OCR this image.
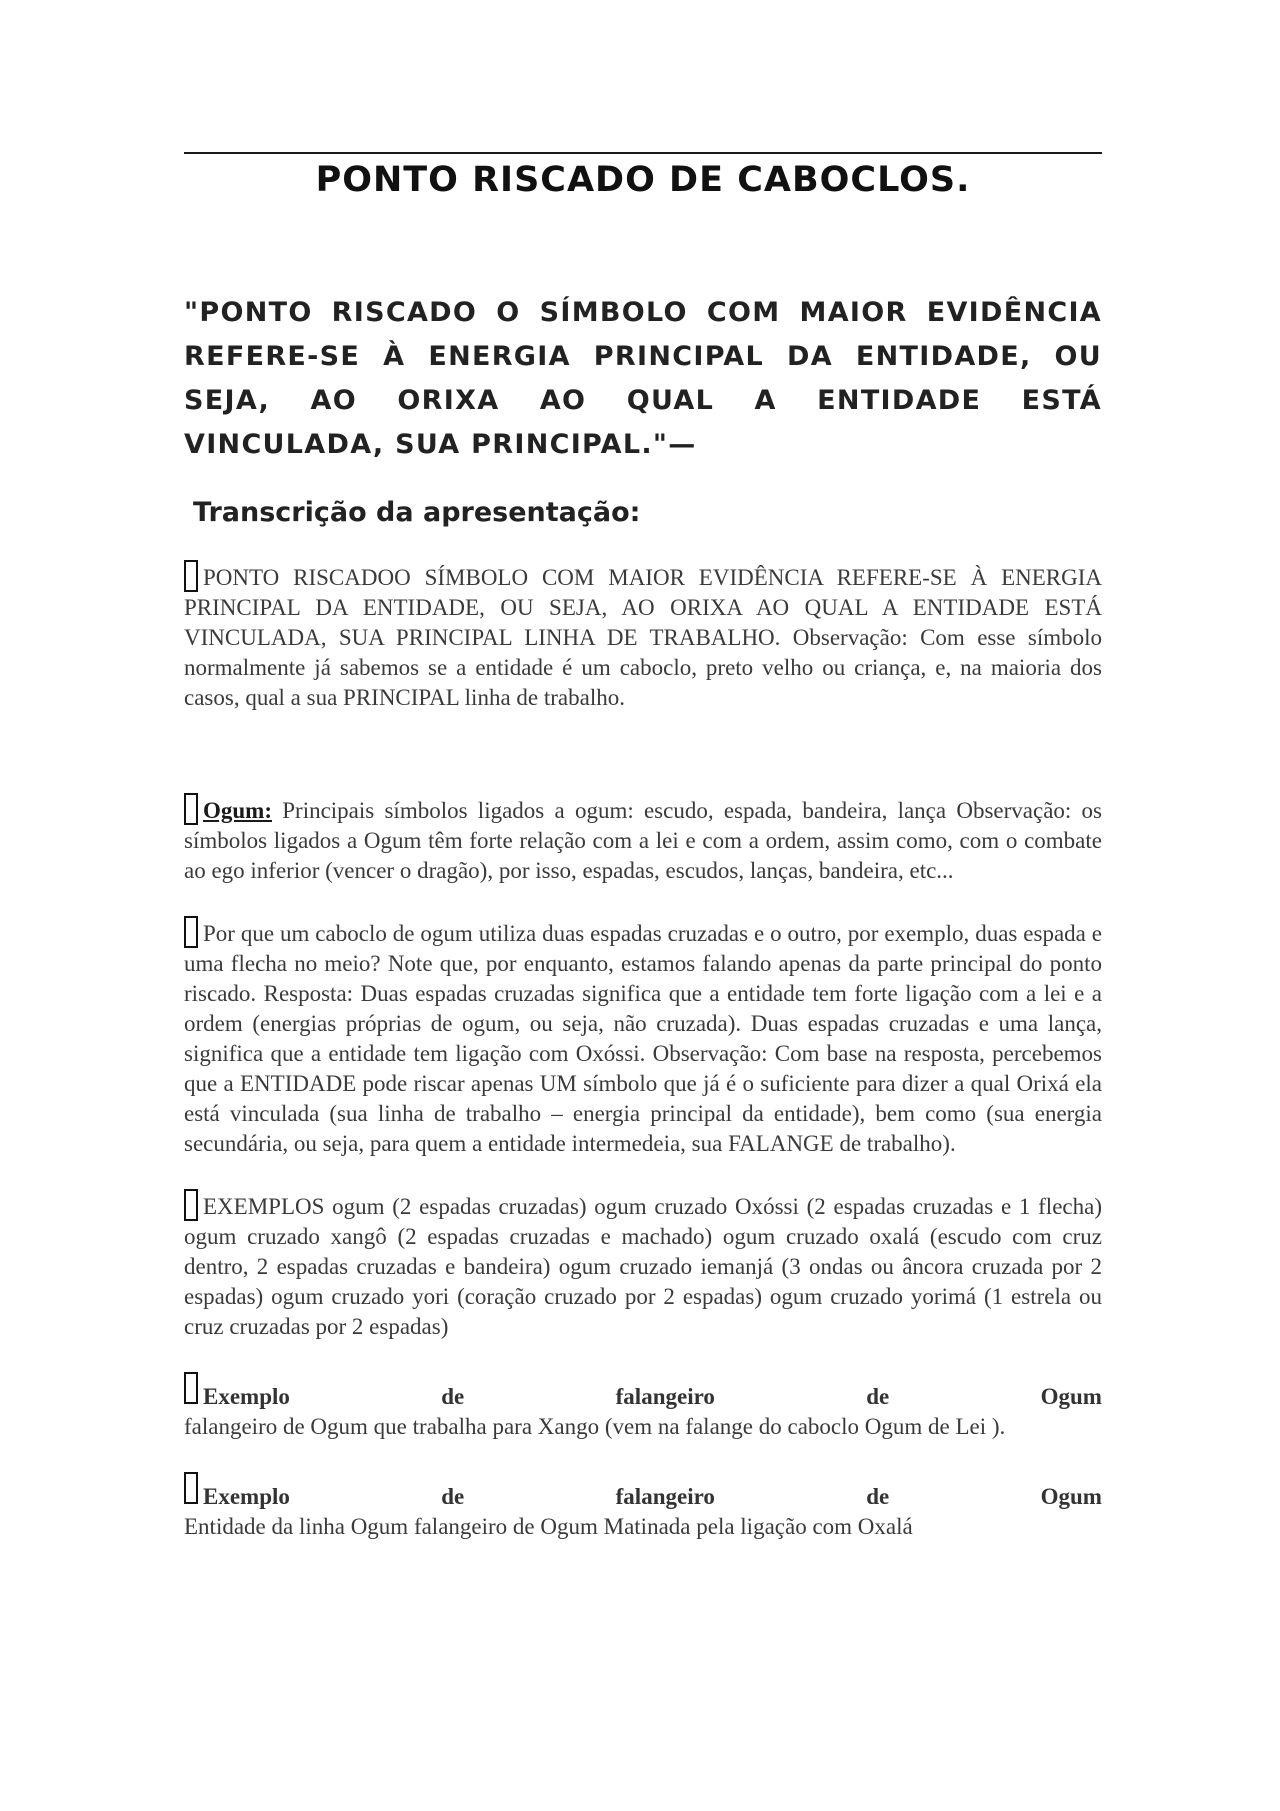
PONTO RISCADO DE CABOCLOS.

"PONTO RISCADO O SÍMBOLO COM MAIOR EVIDÊNCIA REFERE-SE À ENERGIA PRINCIPAL DA ENTIDADE, OU SEJA, AO ORIXA AO QUAL A ENTIDADE ESTÁ VINCULADA, SUA PRINCIPAL."—

Transcrição da apresentação:

PONTO RISCADOO SÍMBOLO COM MAIOR EVIDÊNCIA REFERE-SE À ENERGIA PRINCIPAL DA ENTIDADE, OU SEJA, AO ORIXA AO QUAL A ENTIDADE ESTÁ VINCULADA, SUA PRINCIPAL LINHA DE TRABALHO. Observação: Com esse símbolo normalmente já sabemos se a entidade é um caboclo, preto velho ou criança, e, na maioria dos casos, qual a sua PRINCIPAL linha de trabalho.

Ogum: Principais símbolos ligados a ogum: escudo, espada, bandeira, lança Observação: os símbolos ligados a Ogum têm forte relação com a lei e com a ordem, assim como, com o combate ao ego inferior (vencer o dragão), por isso, espadas, escudos, lanças, bandeira, etc...

Por que um caboclo de ogum utiliza duas espadas cruzadas e o outro, por exemplo, duas espada e uma flecha no meio? Note que, por enquanto, estamos falando apenas da parte principal do ponto riscado. Resposta: Duas espadas cruzadas significa que a entidade tem forte ligação com a lei e a ordem (energias próprias de ogum, ou seja, não cruzada). Duas espadas cruzadas e uma lança, significa que a entidade tem ligação com Oxóssi. Observação: Com base na resposta, percebemos que a ENTIDADE pode riscar apenas UM símbolo que já é o suficiente para dizer a qual Orixá ela está vinculada (sua linha de trabalho – energia principal da entidade), bem como (sua energia secundária, ou seja, para quem a entidade intermedeia, sua FALANGE de trabalho).

EXEMPLOS ogum (2 espadas cruzadas) ogum cruzado Oxóssi (2 espadas cruzadas e 1 flecha) ogum cruzado xangô (2 espadas cruzadas e machado) ogum cruzado oxalá (escudo com cruz dentro, 2 espadas cruzadas e bandeira) ogum cruzado iemanjá (3 ondas ou âncora cruzada por 2 espadas) ogum cruzado yori (coração cruzado por 2 espadas) ogum cruzado yorimá (1 estrela ou cruz cruzadas por 2 espadas)

Exemplo	de	falangeiro	de	Ogum

falangeiro de Ogum que trabalha para Xango (vem na falange do caboclo Ogum de Lei ).

Exemplo	de	falangeiro	de	Ogum

Entidade da linha Ogum falangeiro de Ogum Matinada pela ligação com Oxalá
